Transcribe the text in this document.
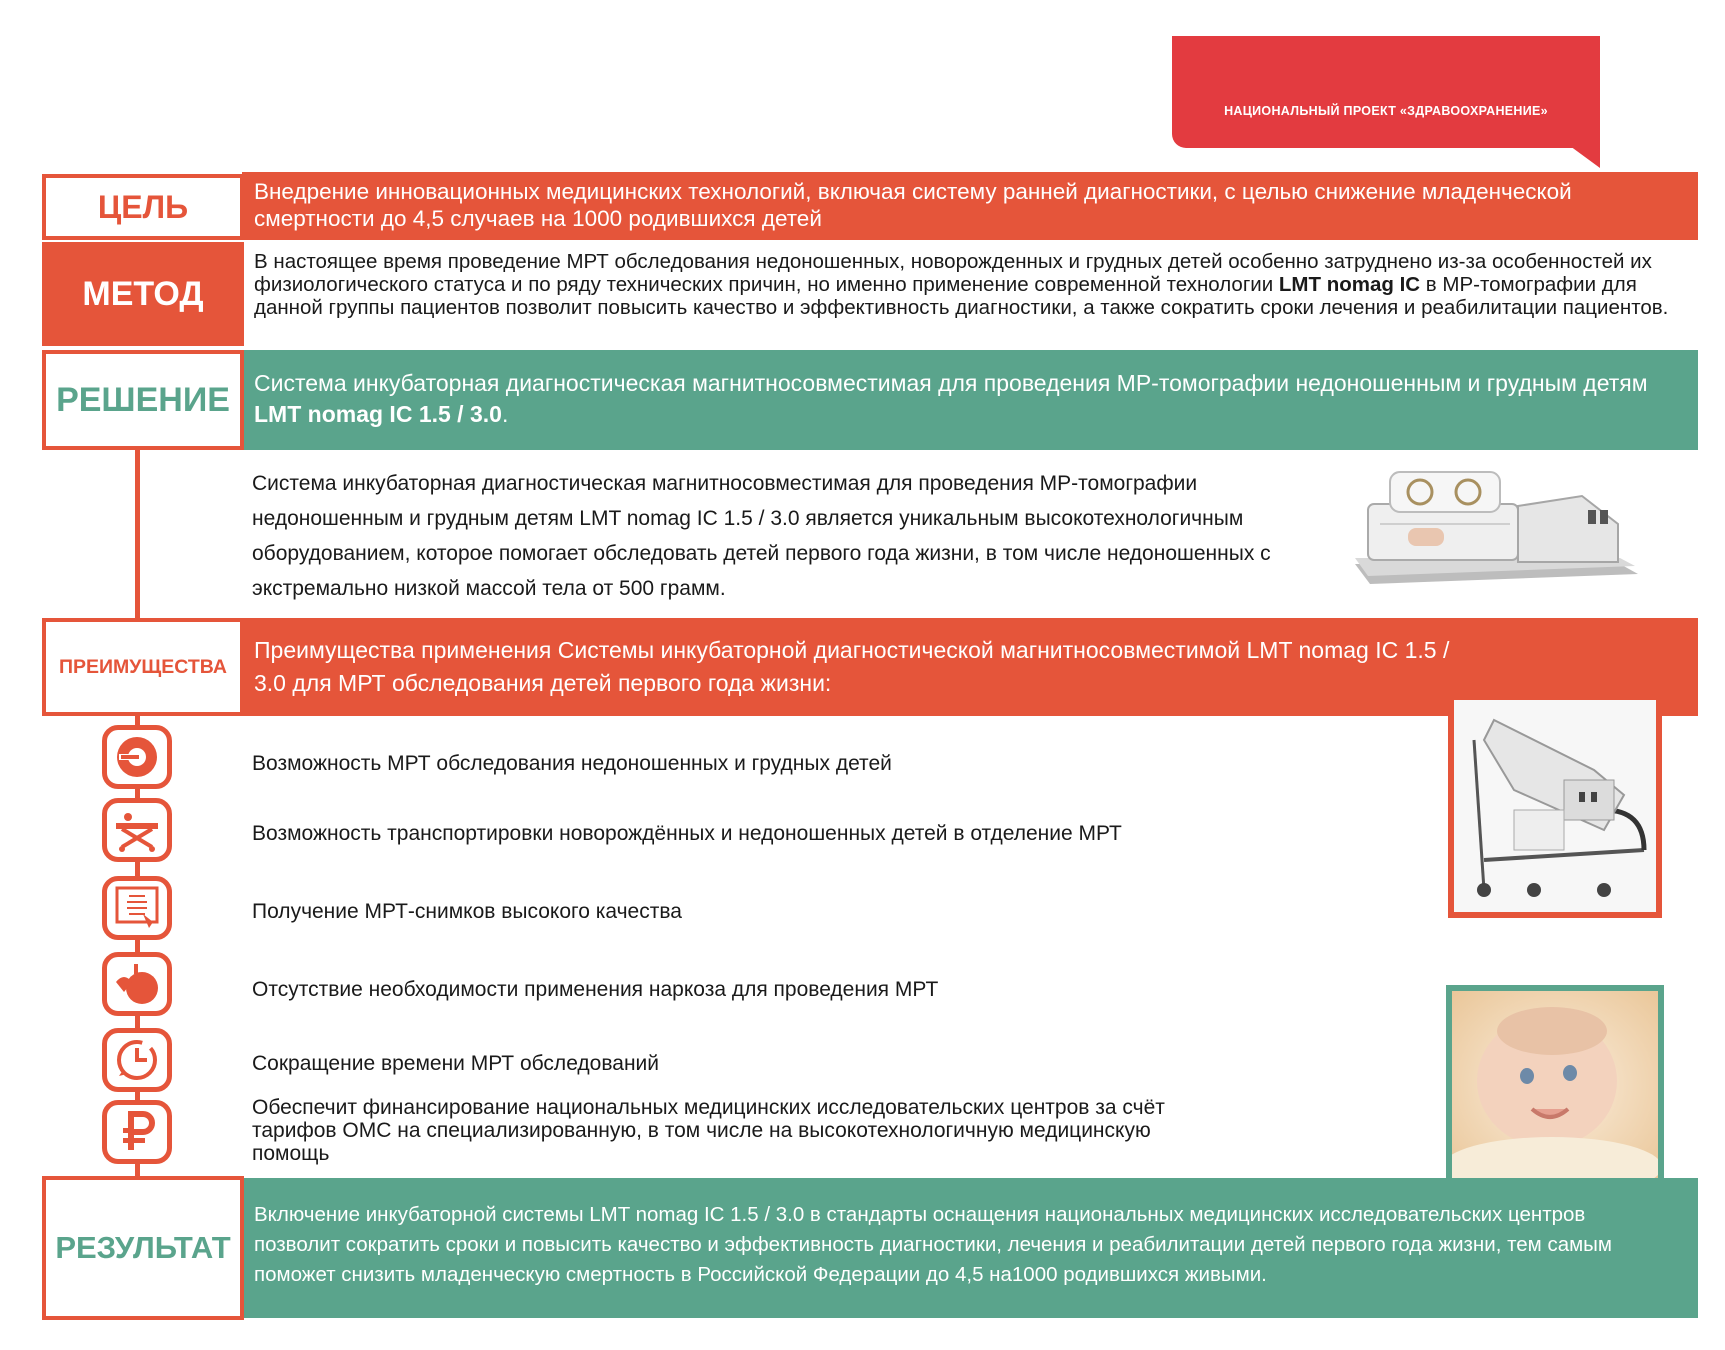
НАЦИОНАЛЬНЫЙ ПРОЕКТ «ЗДРАВООХРАНЕНИЕ»
ЦЕЛЬ	Внедрение инновационных медицинских технологий, включая систему ранней диагностики, с целью снижение младенческой смертности до 4,5 случаев на 1000 родившихся детей
МЕТОД
В настоящее время проведение МРТ обследования недоношенных, новорожденных и грудных детей особенно затруднено из-за особенностей их физиологического статуса и по ряду технических причин, но именно применение современной технологии LMT nomag IC в МР-томографии для данной группы пациентов позволит повысить качество и эффективность диагностики, а также сократить сроки лечения и реабилитации пациентов.
РЕШЕНИЕ	Система инкубаторная диагностическая магнитносовместимая для проведения МР-томографии недоношенным и грудным детям LMT nomag IC 1.5 / 3.0.
Система инкубаторная диагностическая магнитносовместимая для проведения МР-томографии недоношенным и грудным детям LMT nomag IC 1.5 / 3.0 является уникальным высокотехнологичным оборудованием, которое помогает обследовать детей первого года жизни, в том числе недоношенных с экстремально низкой массой тела от 500 грамм.
ПРЕИМУЩЕСТВА
Преимущества применения Системы инкубаторной диагностической магнитносовместимой LMT nomag IC 1.5 / 3.0 для МРТ обследования детей первого года жизни:
Возможность МРТ обследования недоношенных и грудных детей
Возможность транспортировки новорождённых и недоношенных детей в отделение МРТ
Получение МРТ-снимков высокого качества
Отсутствие необходимости применения наркоза для проведения МРТ
Сокращение времени МРТ обследований
Обеспечит финансирование национальных медицинских исследовательских центров за счёт тарифов ОМС на специализированную, в том числе на высокотехнологичную медицинскую помощь
РЕЗУЛЬТАТ
Включение инкубаторной системы LMT nomag IC 1.5 / 3.0 в стандарты оснащения национальных медицинских исследовательских центров позволит сократить сроки и повысить качество и эффективность диагностики, лечения и реабилитации детей первого года жизни, тем самым поможет снизить младенческую смертность в Российской Федерации до 4,5 на1000 родившихся живыми.
